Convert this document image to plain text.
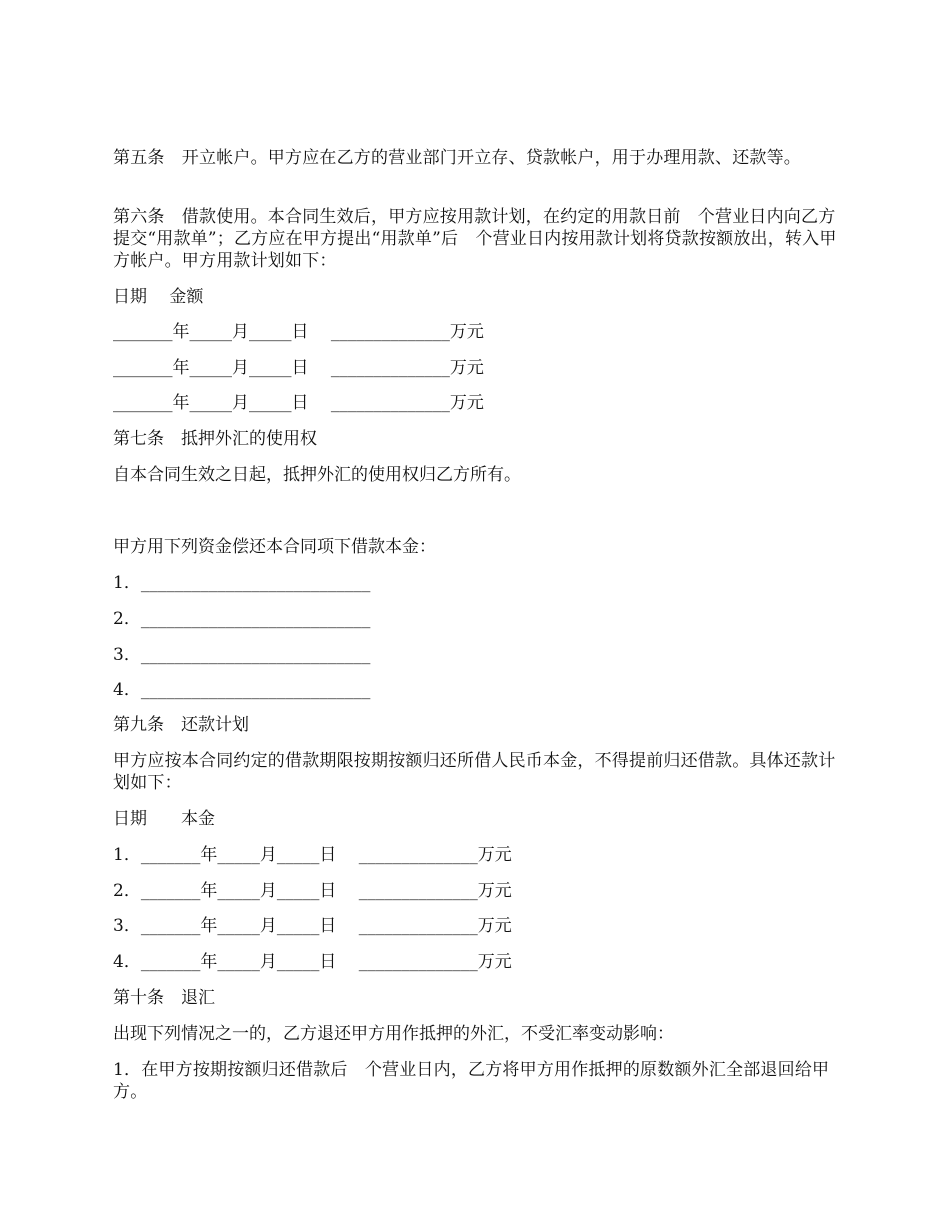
第五条　开立帐户。甲方应在乙方的营业部门开立存、贷款帐户，用于办理用款、还款等。

第六条　借款使用。本合同生效后，甲方应按用款计划，在约定的用款日前　个营业日内向乙方提交“用款单”；乙方应在甲方提出“用款单”后　个营业日内按用款计划将贷款按额放出，转入甲方帐户。甲方用款计划如下：

日期　 金额

_______年_____月_____日　 ______________万元

_______年_____月_____日　 ______________万元

_______年_____月_____日　 ______________万元

第七条　抵押外汇的使用权

自本合同生效之日起，抵押外汇的使用权归乙方所有。

甲方用下列资金偿还本合同项下借款本金：

1．___________________________

2．___________________________

3．___________________________

4．___________________________

第九条　还款计划

甲方应按本合同约定的借款期限按期按额归还所借人民币本金，不得提前归还借款。具体还款计划如下：

日期　　本金

1．_______年_____月_____日　 ______________万元

2．_______年_____月_____日　 ______________万元

3．_______年_____月_____日　 ______________万元

4．_______年_____月_____日　 ______________万元

第十条　退汇

出现下列情况之一的，乙方退还甲方用作抵押的外汇，不受汇率变动影响：

1．在甲方按期按额归还借款后　个营业日内，乙方将甲方用作抵押的原数额外汇全部退回给甲方。
